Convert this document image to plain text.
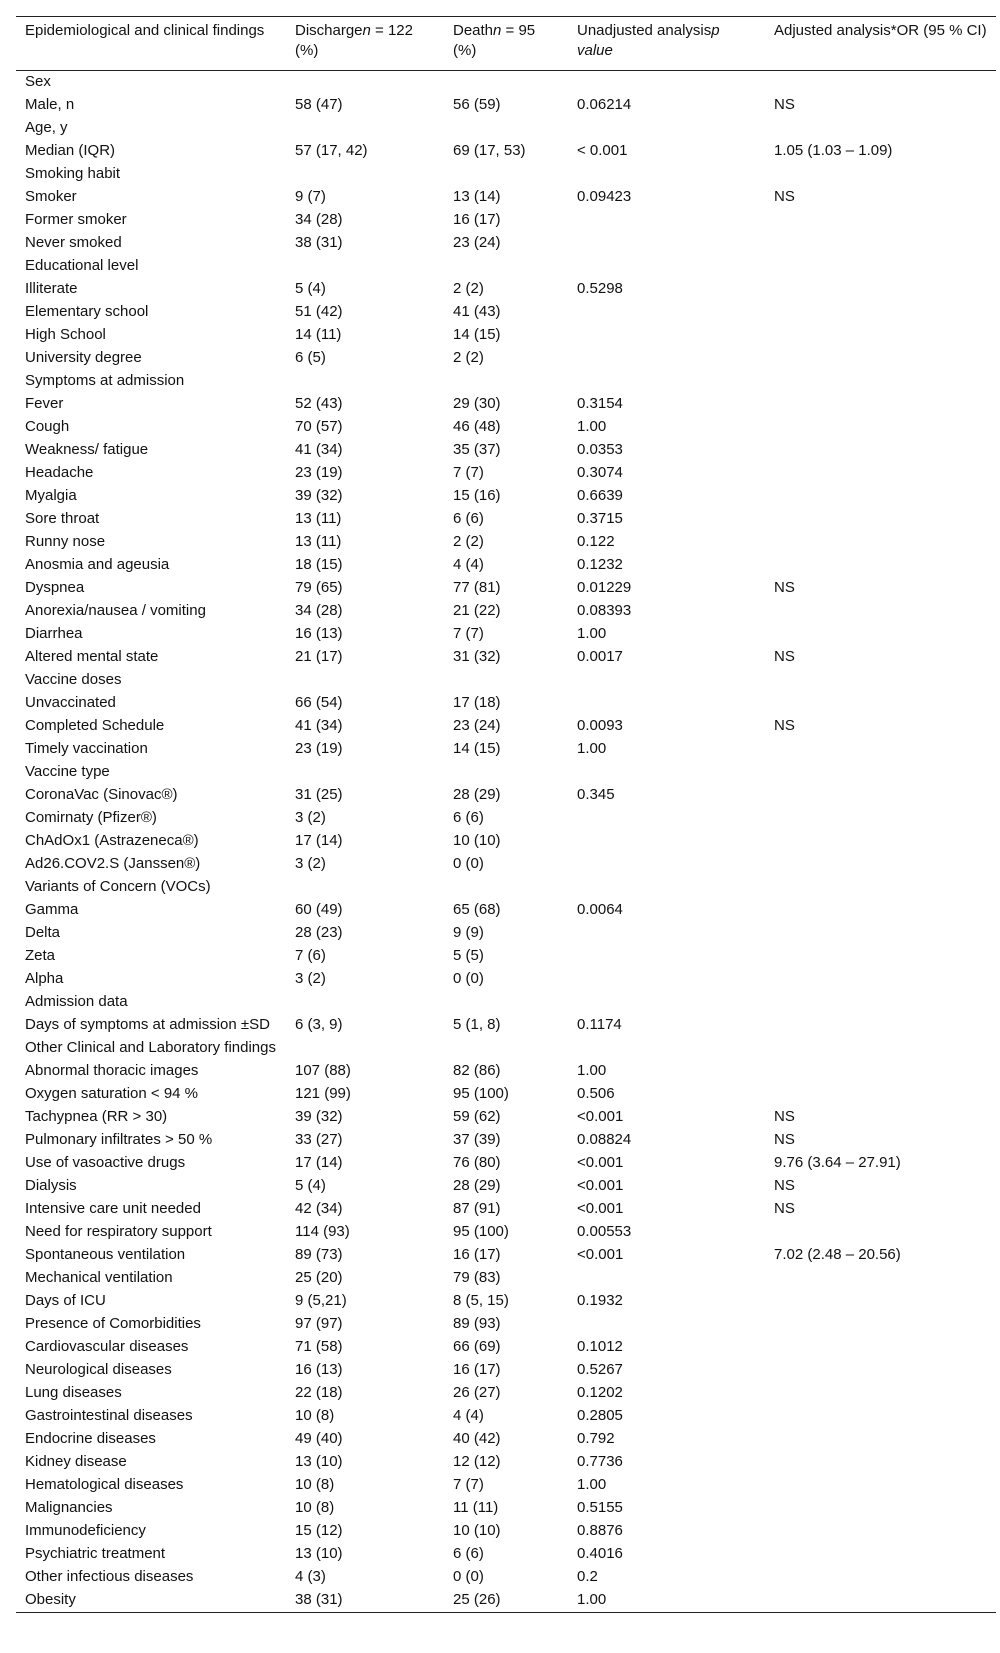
Epidemiological and clinical findings	Dischargen = 122 (%)	Deathn = 95 (%)	Unadjusted analysisp value	Adjusted analysis*OR (95 % CI)
Sex				
Male, n	58 (47)	56 (59)	0.06214	NS
Age, y				
Median (IQR)	57 (17, 42)	69 (17, 53)	< 0.001	1.05 (1.03 – 1.09)
Smoking habit				
Smoker	9 (7)	13 (14)	0.09423	NS
Former smoker	34 (28)	16 (17)		
Never smoked	38 (31)	23 (24)		
Educational level				
Illiterate	5 (4)	2 (2)	0.5298	
Elementary school	51 (42)	41 (43)		
High School	14 (11)	14 (15)		
University degree	6 (5)	2 (2)		
Symptoms at admission				
Fever	52 (43)	29 (30)	0.3154	
Cough	70 (57)	46 (48)	1.00	
Weakness/ fatigue	41 (34)	35 (37)	0.0353	
Headache	23 (19)	7 (7)	0.3074	
Myalgia	39 (32)	15 (16)	0.6639	
Sore throat	13 (11)	6 (6)	0.3715	
Runny nose	13 (11)	2 (2)	0.122	
Anosmia and ageusia	18 (15)	4 (4)	0.1232	
Dyspnea	79 (65)	77 (81)	0.01229	NS
Anorexia/nausea / vomiting	34 (28)	21 (22)	0.08393	
Diarrhea	16 (13)	7 (7)	1.00	
Altered mental state	21 (17)	31 (32)	0.0017	NS
Vaccine doses				
Unvaccinated	66 (54)	17 (18)		
Completed Schedule	41 (34)	23 (24)	0.0093	NS
Timely vaccination	23 (19)	14 (15)	1.00	
Vaccine type				
CoronaVac (Sinovac®)	31 (25)	28 (29)	0.345	
Comirnaty (Pfizer®)	3 (2)	6 (6)		
ChAdOx1 (Astrazeneca®)	17 (14)	10 (10)		
Ad26.COV2.S (Janssen®)	3 (2)	0 (0)		
Variants of Concern (VOCs)				
Gamma	60 (49)	65 (68)	0.0064	
Delta	28 (23)	9 (9)		
Zeta	7 (6)	5 (5)		
Alpha	3 (2)	0 (0)		
Admission data				
Days of symptoms at admission ±SD	6 (3, 9)	5 (1, 8)	0.1174	
Other Clinical and Laboratory findings				
Abnormal thoracic images	107 (88)	82 (86)	1.00	
Oxygen saturation < 94 %	121 (99)	95 (100)	0.506	
Tachypnea (RR > 30)	39 (32)	59 (62)	<0.001	NS
Pulmonary infiltrates > 50 %	33 (27)	37 (39)	0.08824	NS
Use of vasoactive drugs	17 (14)	76 (80)	<0.001	9.76 (3.64 – 27.91)
Dialysis	5 (4)	28 (29)	<0.001	NS
Intensive care unit needed	42 (34)	87 (91)	<0.001	NS
Need for respiratory support	114 (93)	95 (100)	0.00553	
Spontaneous ventilation	89 (73)	16 (17)	<0.001	7.02 (2.48 – 20.56)
Mechanical ventilation	25 (20)	79 (83)		
Days of ICU	9 (5,21)	8 (5, 15)	0.1932	
Presence of Comorbidities	97 (97)	89 (93)		
Cardiovascular diseases	71 (58)	66 (69)	0.1012	
Neurological diseases	16 (13)	16 (17)	0.5267	
Lung diseases	22 (18)	26 (27)	0.1202	
Gastrointestinal diseases	10 (8)	4 (4)	0.2805	
Endocrine diseases	49 (40)	40 (42)	0.792	
Kidney disease	13 (10)	12 (12)	0.7736	
Hematological diseases	10 (8)	7 (7)	1.00	
Malignancies	10 (8)	11 (11)	0.5155	
Immunodeficiency	15 (12)	10 (10)	0.8876	
Psychiatric treatment	13 (10)	6 (6)	0.4016	
Other infectious diseases	4 (3)	0 (0)	0.2	
Obesity	38 (31)	25 (26)	1.00	
